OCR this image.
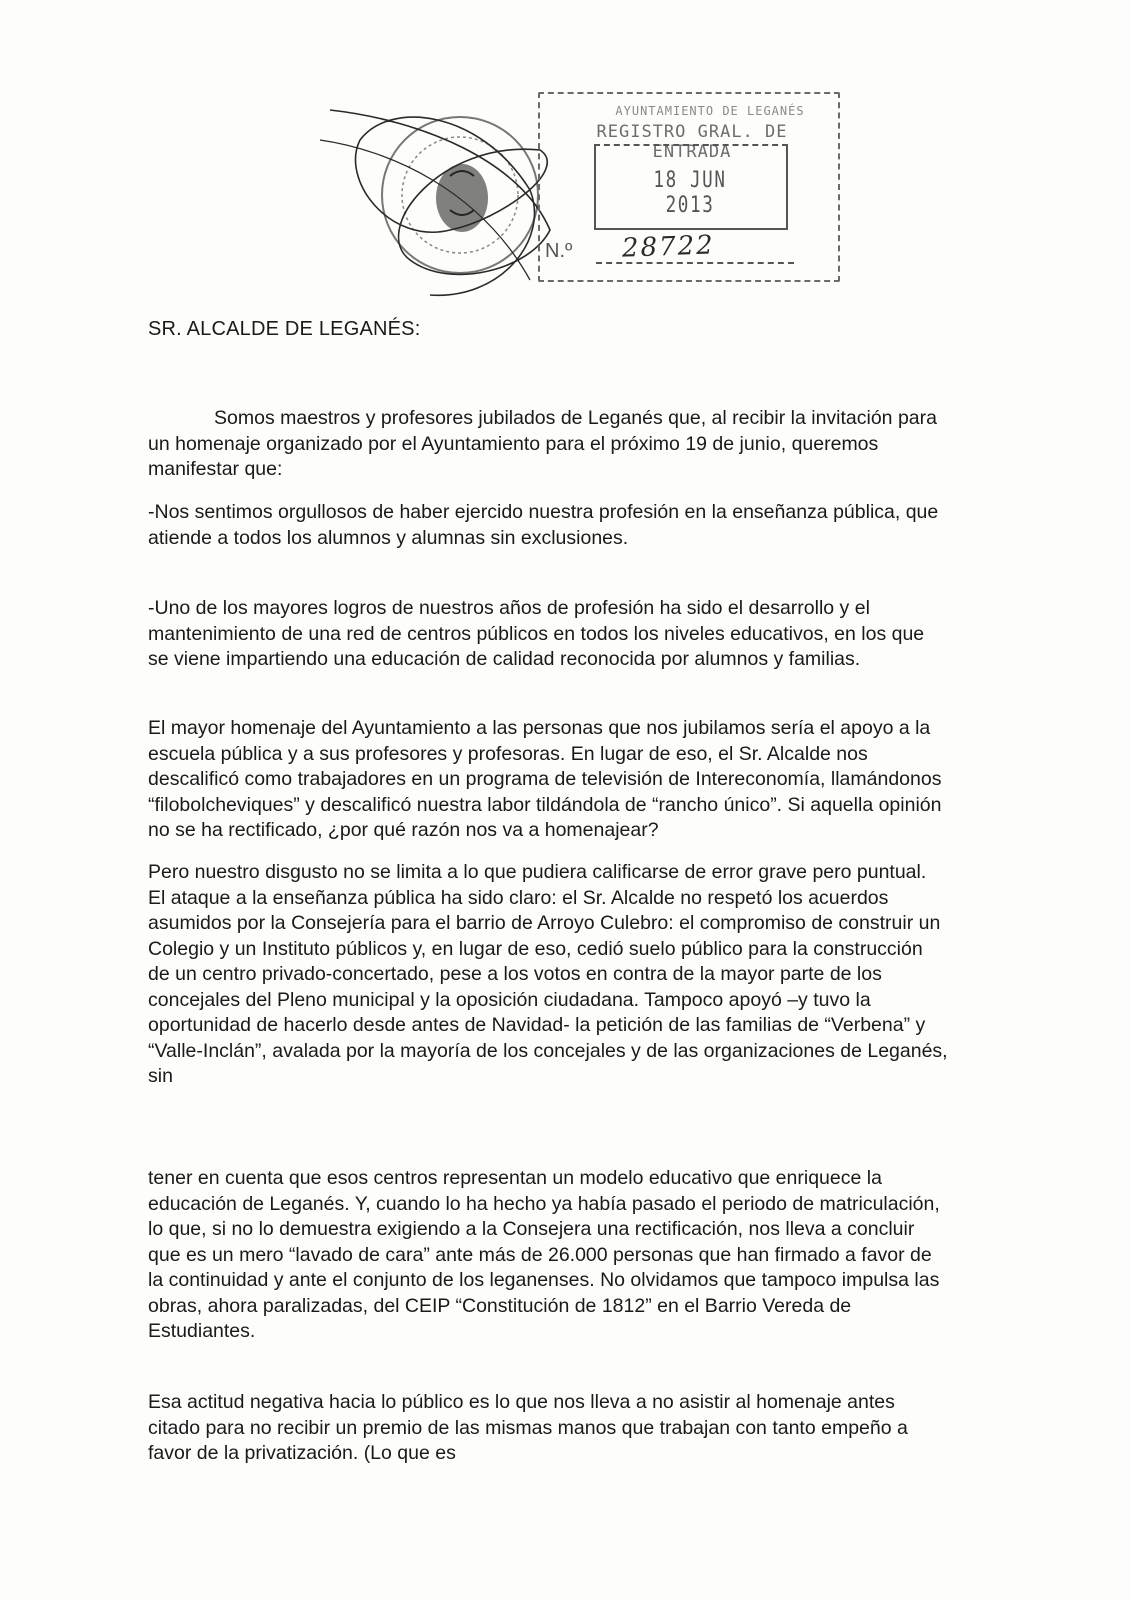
AYUNTAMIENTO DE LEGANÉS
REGISTRO GRAL. DE ENTRADA
18 JUN 2013
N.º 28722
SR. ALCALDE DE LEGANÉS:

Somos maestros y profesores jubilados de Leganés que, al recibir la invitación para un homenaje organizado por el Ayuntamiento para el próximo 19 de junio, queremos manifestar que:

-Nos sentimos orgullosos de haber ejercido nuestra profesión en la enseñanza pública, que atiende a todos los alumnos y alumnas sin exclusiones.

-Uno de los mayores logros de nuestros años de profesión ha sido el desarrollo y el mantenimiento de una red de centros públicos en todos los niveles educativos, en los que se viene impartiendo una educación de calidad reconocida por alumnos y familias.

El mayor homenaje del Ayuntamiento a las personas que nos jubilamos sería el apoyo a la escuela pública y a sus profesores y profesoras. En lugar de eso, el Sr. Alcalde nos descalificó como trabajadores en un programa de televisión de Intereconomía, llamándonos “filobolcheviques” y descalificó nuestra labor tildándola de “rancho único”. Si aquella opinión no se ha rectificado, ¿por qué razón nos va a homenajear?

Pero nuestro disgusto no se limita a lo que pudiera calificarse de error grave pero puntual. El ataque a la enseñanza pública ha sido claro: el Sr. Alcalde no respetó los acuerdos asumidos por la Consejería para el barrio de Arroyo Culebro: el compromiso de construir un Colegio y un Instituto públicos y, en lugar de eso, cedió suelo público para la construcción de un centro privado-concertado, pese a los votos en contra de la mayor parte de los concejales del Pleno municipal y la oposición ciudadana. Tampoco apoyó –y tuvo la oportunidad de hacerlo desde antes de Navidad- la petición de las familias de “Verbena” y “Valle-Inclán”, avalada por la mayoría de los concejales y de las organizaciones de Leganés, sin

tener en cuenta que esos centros representan un modelo educativo que enriquece la educación de Leganés. Y, cuando lo ha hecho ya había pasado el periodo de matriculación, lo que, si no lo demuestra exigiendo a la Consejera una rectificación, nos lleva a concluir que es un mero “lavado de cara” ante más de 26.000 personas que han firmado a favor de la continuidad y ante el conjunto de los leganenses. No olvidamos que tampoco impulsa las obras, ahora paralizadas, del CEIP “Constitución de 1812” en el Barrio Vereda de Estudiantes.

Esa actitud negativa hacia lo público es lo que nos lleva a no asistir al homenaje antes citado para no recibir un premio de las mismas manos que trabajan con tanto empeño a favor de la privatización. (Lo que es
